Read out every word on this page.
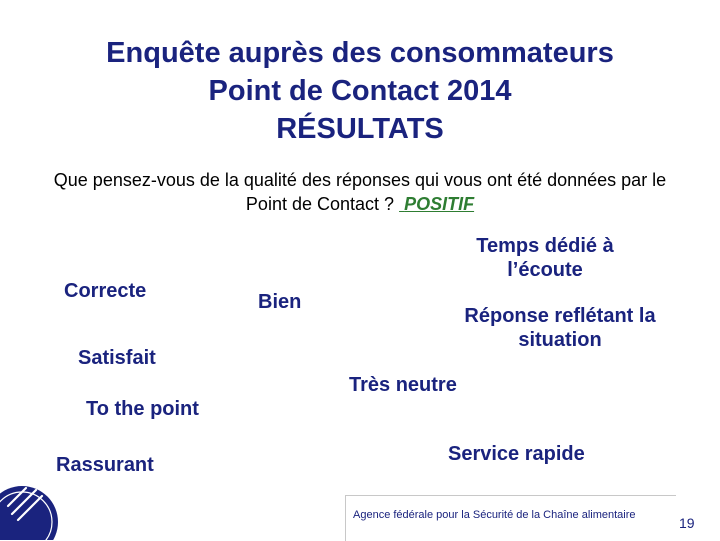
Enquête auprès des consommateurs
Point de Contact 2014
RÉSULTATS
Que pensez-vous de la qualité des réponses qui vous ont été données par le
Point de Contact ? POSITIF
Correcte	Bien
Temps dédié à
l’écoute
Réponse reflétant la
situation
Satisfait
Très neutre
To the point
Rassurant	Service rapide
Agence fédérale pour la Sécurité de la Chaîne alimentaire	19
